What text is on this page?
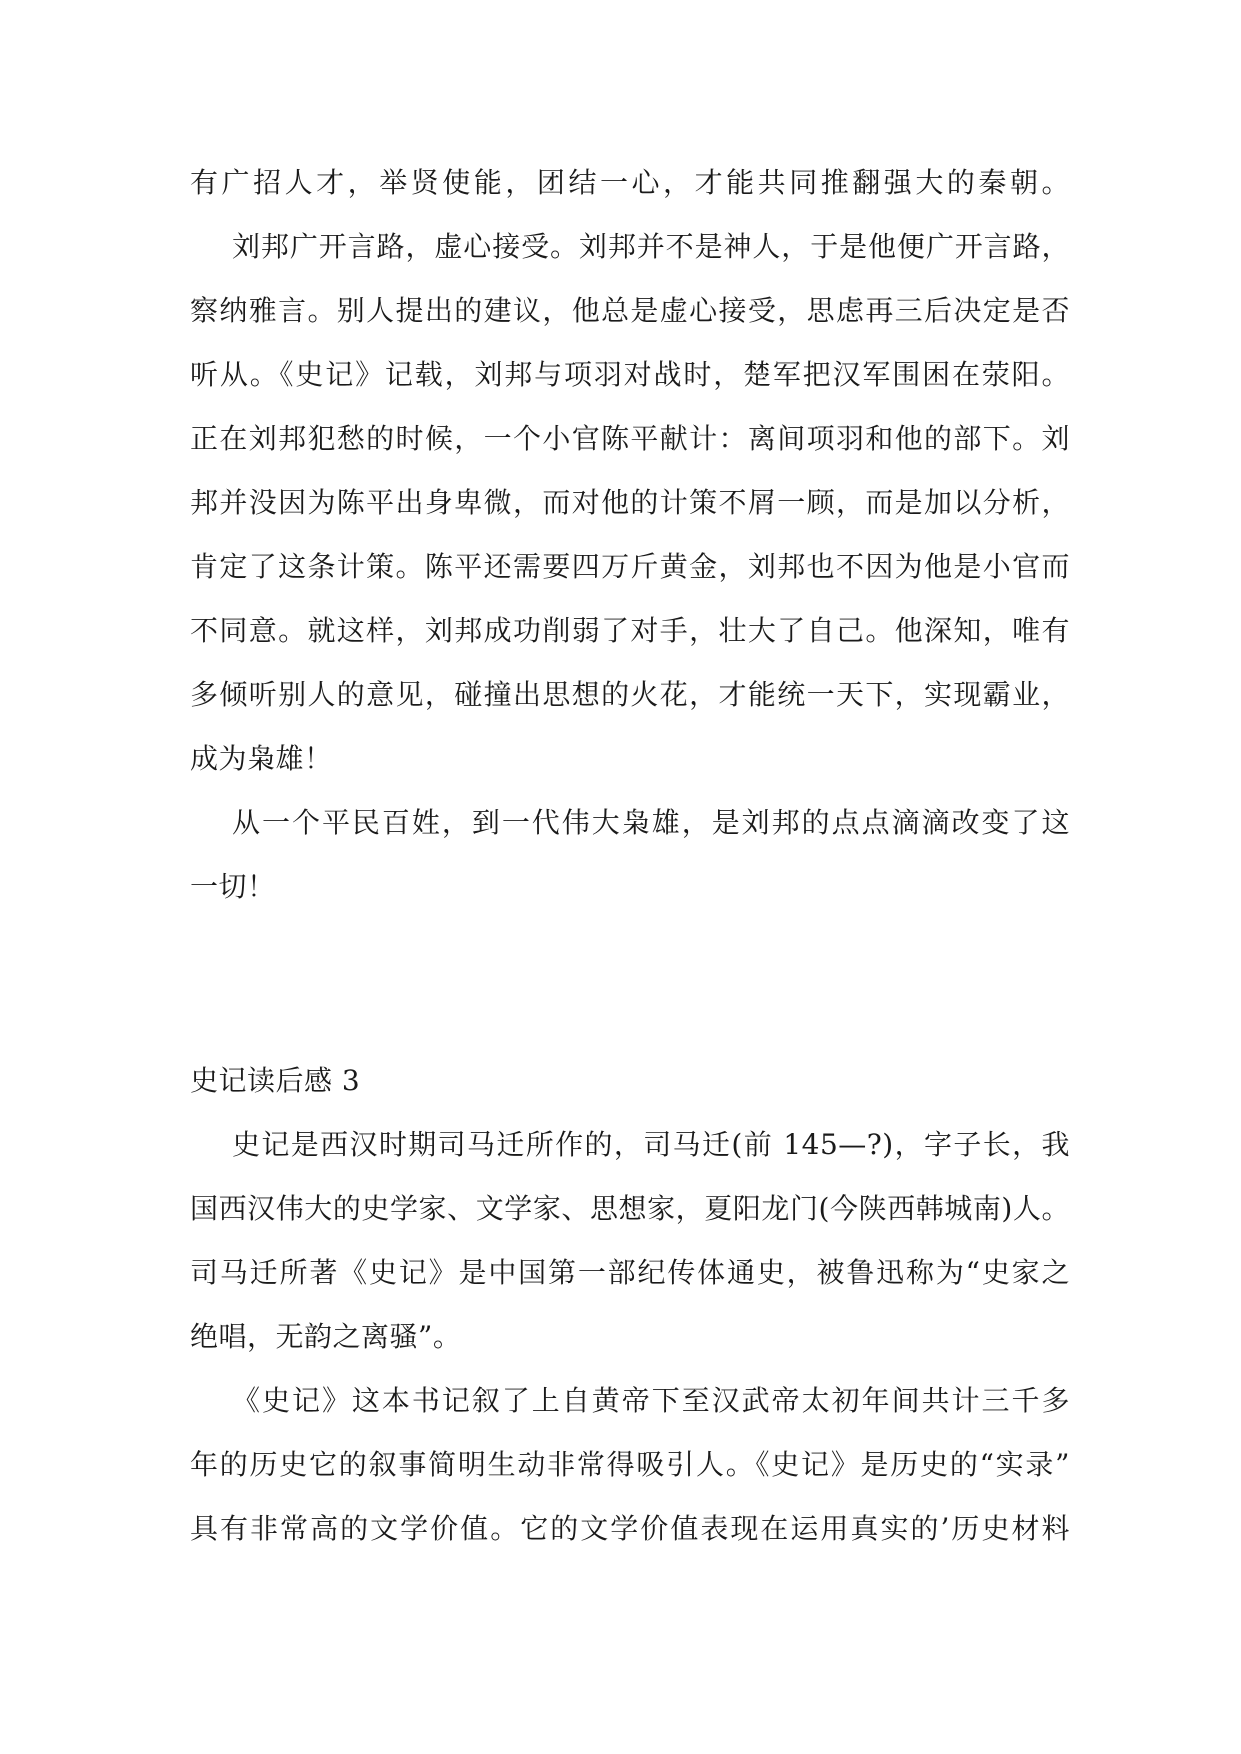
有广招人才，举贤使能，团结一心，才能共同推翻强大的秦朝。
刘邦广开言路，虚心接受。刘邦并不是神人，于是他便广开言路，
察纳雅言。别人提出的建议，他总是虚心接受，思虑再三后决定是否
听从。《史记》记载，刘邦与项羽对战时，楚军把汉军围困在荥阳。
正在刘邦犯愁的时候，一个小官陈平献计：离间项羽和他的部下。刘
邦并没因为陈平出身卑微，而对他的计策不屑一顾，而是加以分析，
肯定了这条计策。陈平还需要四万斤黄金，刘邦也不因为他是小官而
不同意。就这样，刘邦成功削弱了对手，壮大了自己。他深知，唯有
多倾听别人的意见，碰撞出思想的火花，才能统一天下，实现霸业，
成为枭雄！
从一个平民百姓，到一代伟大枭雄，是刘邦的点点滴滴改变了这
一切！
史记读后感 3
史记是西汉时期司马迁所作的，司马迁(前 145—?)，字子长，我
国西汉伟大的史学家、文学家、思想家，夏阳龙门(今陕西韩城南)人。
司马迁所著《史记》是中国第一部纪传体通史，被鲁迅称为“史家之
绝唱，无韵之离骚”。
《史记》这本书记叙了上自黄帝下至汉武帝太初年间共计三千多
年的历史它的叙事简明生动非常得吸引人。《史记》是历史的“实录”
具有非常高的文学价值。它的文学价值表现在运用真实的’历史材料
